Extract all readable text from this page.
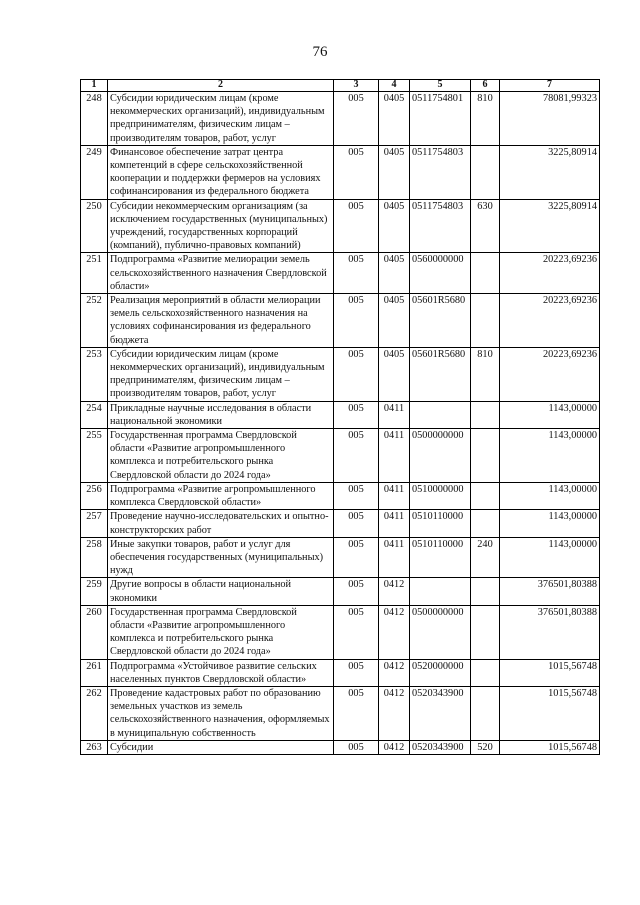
76
1	2	3	4	5	6	7
248	Субсидии юридическим лицам (кроме некоммерческих организаций), индивидуальным предпринимателям, физическим лицам – производителям товаров, работ, услуг	005	0405	0511754801	810	78081,99323
249	Финансовое обеспечение затрат центра компетенций в сфере сельскохозяйственной кооперации и поддержки фермеров на условиях софинансирования из федерального бюджета	005	0405	0511754803		3225,80914
250	Субсидии некоммерческим организациям (за исключением государственных (муниципальных) учреждений, государственных корпораций (компаний), публично-правовых компаний)	005	0405	0511754803	630	3225,80914
251	Подпрограмма «Развитие мелиорации земель сельскохозяйственного назначения Свердловской области»	005	0405	0560000000		20223,69236
252	Реализация мероприятий в области мелиорации земель сельскохозяйственного назначения на условиях софинансирования из федерального бюджета	005	0405	05601R5680		20223,69236
253	Субсидии юридическим лицам (кроме некоммерческих организаций), индивидуальным предпринимателям, физическим лицам – производителям товаров, работ, услуг	005	0405	05601R5680	810	20223,69236
254	Прикладные научные исследования в области национальной экономики	005	0411			1143,00000
255	Государственная программа Свердловской области «Развитие агропромышленного комплекса и потребительского рынка Свердловской области до 2024 года»	005	0411	0500000000		1143,00000
256	Подпрограмма «Развитие агропромышленного комплекса Свердловской области»	005	0411	0510000000		1143,00000
257	Проведение научно-исследовательских и опытно-конструкторских работ	005	0411	0510110000		1143,00000
258	Иные закупки товаров, работ и услуг для обеспечения государственных (муниципальных) нужд	005	0411	0510110000	240	1143,00000
259	Другие вопросы в области национальной экономики	005	0412			376501,80388
260	Государственная программа Свердловской области «Развитие агропромышленного комплекса и потребительского рынка Свердловской области до 2024 года»	005	0412	0500000000		376501,80388
261	Подпрограмма «Устойчивое развитие сельских населенных пунктов Свердловской области»	005	0412	0520000000		1015,56748
262	Проведение кадастровых работ по образованию земельных участков из земель сельскохозяйственного назначения, оформляемых в муниципальную собственность	005	0412	0520343900		1015,56748
263	Субсидии	005	0412	0520343900	520	1015,56748
